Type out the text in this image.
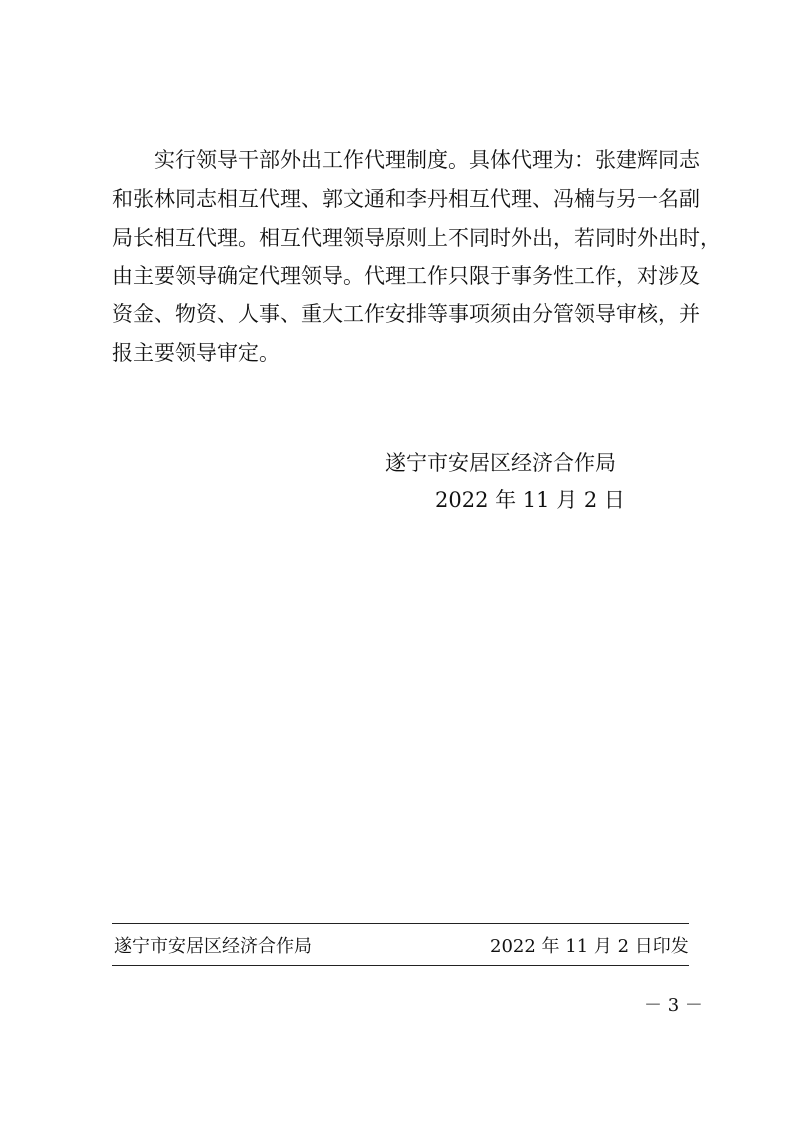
　　实行领导干部外出工作代理制度。具体代理为：张建辉同志
和张林同志相互代理、郭文通和李丹相互代理、冯楠与另一名副
局长相互代理。相互代理领导原则上不同时外出，若同时外出时，
由主要领导确定代理领导。代理工作只限于事务性工作，对涉及
资金、物资、人事、重大工作安排等事项须由分管领导审核，并
报主要领导审定。
遂宁市安居区经济合作局
2022 年 11 月 2 日
遂宁市安居区经济合作局	2022 年 11 月 2 日印发
－ 3 －
